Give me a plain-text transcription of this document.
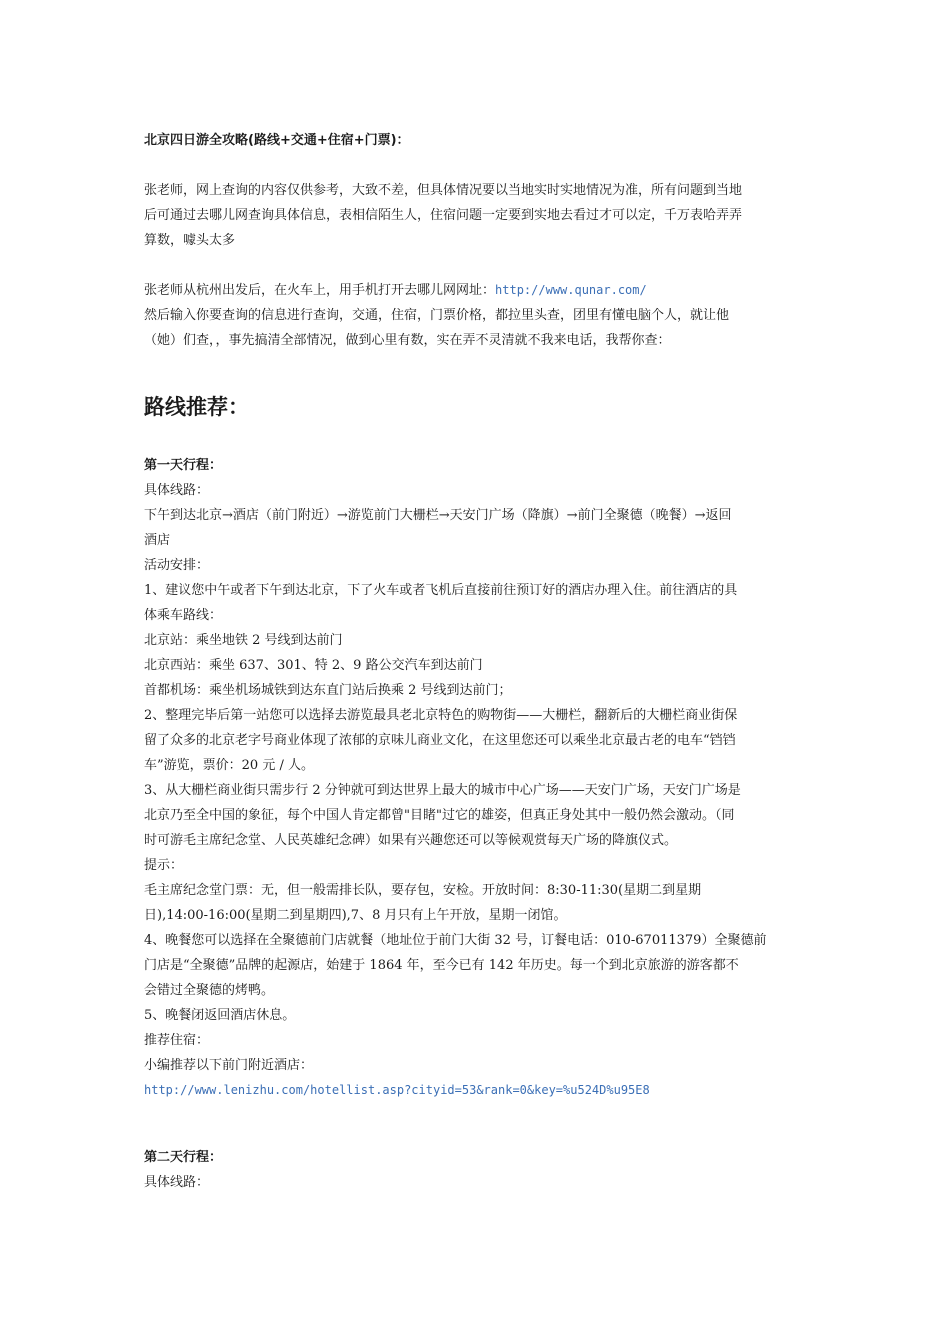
北京四日游全攻略(路线+交通+住宿+门票)：
张老师，网上查询的内容仅供参考，大致不差，但具体情况要以当地实时实地情况为准，所有问题到当地
后可通过去哪儿网查询具体信息，表相信陌生人，住宿问题一定要到实地去看过才可以定，千万表哈弄弄
算数，噱头太多
张老师从杭州出发后，在火车上，用手机打开去哪儿网网址：http://www.qunar.com/
然后输入你要查询的信息进行查询，交通，住宿，门票价格，都拉里头查，团里有懂电脑个人，就让他
（她）们查，，事先搞清全部情况，做到心里有数，实在弄不灵清就不我来电话，我帮你查：
路线推荐：
第一天行程：
具体线路：
下午到达北京→酒店（前门附近）→游览前门大栅栏→天安门广场（降旗）→前门全聚德（晚餐）→返回
酒店
活动安排：
1、建议您中午或者下午到达北京，下了火车或者飞机后直接前往预订好的酒店办理入住。前往酒店的具
体乘车路线：
北京站：乘坐地铁 2 号线到达前门
北京西站：乘坐 637、301、特 2、9 路公交汽车到达前门
首都机场：乘坐机场城铁到达东直门站后换乘 2 号线到达前门；
2、整理完毕后第一站您可以选择去游览最具老北京特色的购物街——大栅栏，翻新后的大栅栏商业街保
留了众多的北京老字号商业体现了浓郁的京味儿商业文化，在这里您还可以乘坐北京最古老的电车“铛铛
车”游览，票价：20 元 / 人。
3、从大栅栏商业街只需步行 2 分钟就可到达世界上最大的城市中心广场——天安门广场，天安门广场是
北京乃至全中国的象征，每个中国人肯定都曾"目睹"过它的雄姿，但真正身处其中一般仍然会激动。（同
时可游毛主席纪念堂、人民英雄纪念碑）如果有兴趣您还可以等候观赏每天广场的降旗仪式。
提示：
毛主席纪念堂门票：无，但一般需排长队，要存包，安检。开放时间：8:30-11:30(星期二到星期
日),14:00-16:00(星期二到星期四),7、8 月只有上午开放，星期一闭馆。
4、晚餐您可以选择在全聚德前门店就餐（地址位于前门大街 32 号，订餐电话：010-67011379）全聚德前
门店是“全聚德”品牌的起源店，始建于 1864 年，至今已有 142 年历史。每一个到北京旅游的游客都不
会错过全聚德的烤鸭。
5、晚餐闭返回酒店休息。
推荐住宿：
小编推荐以下前门附近酒店：
http://www.lenizhu.com/hotellist.asp?cityid=53&rank=0&key=%u524D%u95E8
第二天行程：
具体线路：
